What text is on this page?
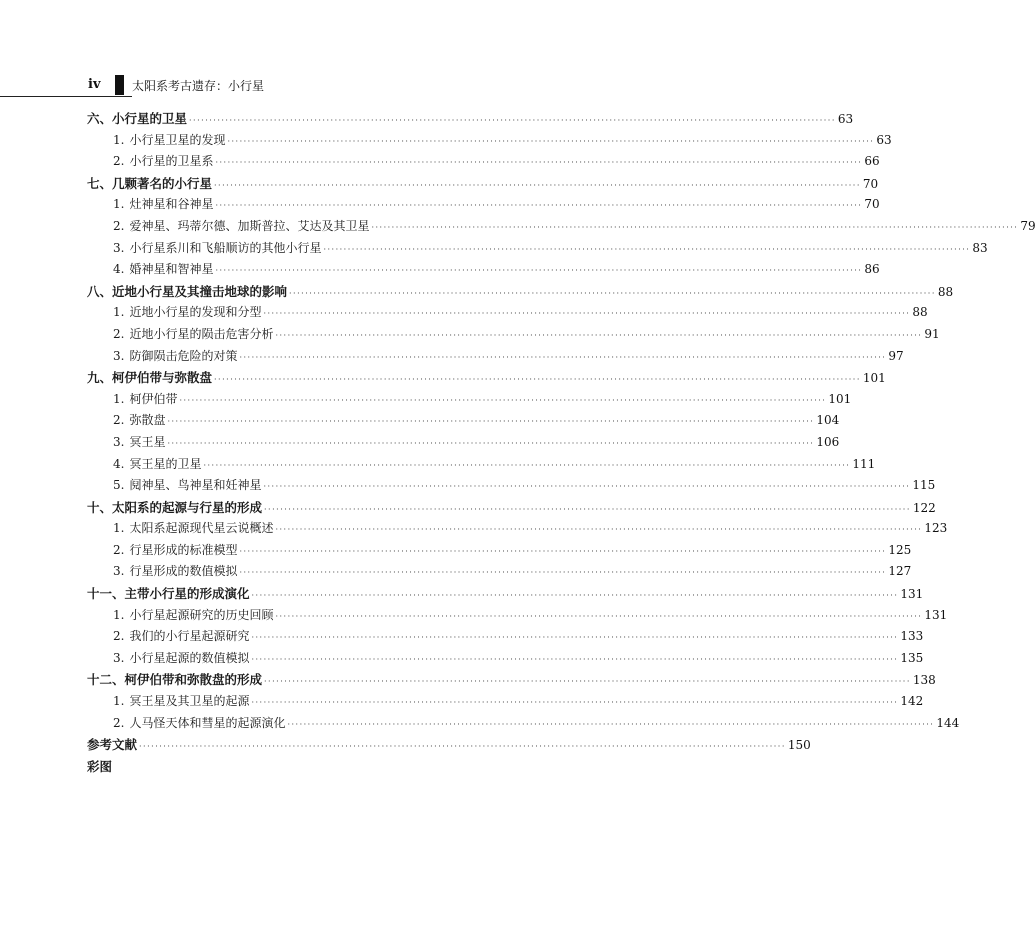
iv	太阳系考古遗存：小行星
六、小行星的卫星 ································································································································································ 63
1. 小行星卫星的发现 ································································································································································ 63
2. 小行星的卫星系 ································································································································································ 66
七、几颗著名的小行星 ································································································································································ 70
1. 灶神星和谷神星 ································································································································································ 70
2. 爱神星、玛蒂尔德、加斯普拉、艾达及其卫星 ································································································································································ 79
3. 小行星系川和飞船顺访的其他小行星 ································································································································································ 83
4. 婚神星和智神星 ································································································································································ 86
八、近地小行星及其撞击地球的影响 ································································································································································ 88
1. 近地小行星的发现和分型 ································································································································································ 88
2. 近地小行星的陨击危害分析 ································································································································································ 91
3. 防御陨击危险的对策 ································································································································································ 97
九、柯伊伯带与弥散盘 ································································································································································ 101
1. 柯伊伯带 ································································································································································ 101
2. 弥散盘 ································································································································································ 104
3. 冥王星 ································································································································································ 106
4. 冥王星的卫星 ································································································································································ 111
5. 阋神星、鸟神星和妊神星 ································································································································································ 115
十、太阳系的起源与行星的形成 ································································································································································ 122
1. 太阳系起源现代星云说概述 ································································································································································ 123
2. 行星形成的标准模型 ································································································································································ 125
3. 行星形成的数值模拟 ································································································································································ 127
十一、主带小行星的形成演化 ································································································································································ 131
1. 小行星起源研究的历史回顾 ································································································································································ 131
2. 我们的小行星起源研究 ································································································································································ 133
3. 小行星起源的数值模拟 ································································································································································ 135
十二、柯伊伯带和弥散盘的形成 ································································································································································ 138
1. 冥王星及其卫星的起源 ································································································································································ 142
2. 人马怪天体和彗星的起源演化 ································································································································································ 144
参考文献 ································································································································································ 150
彩图
